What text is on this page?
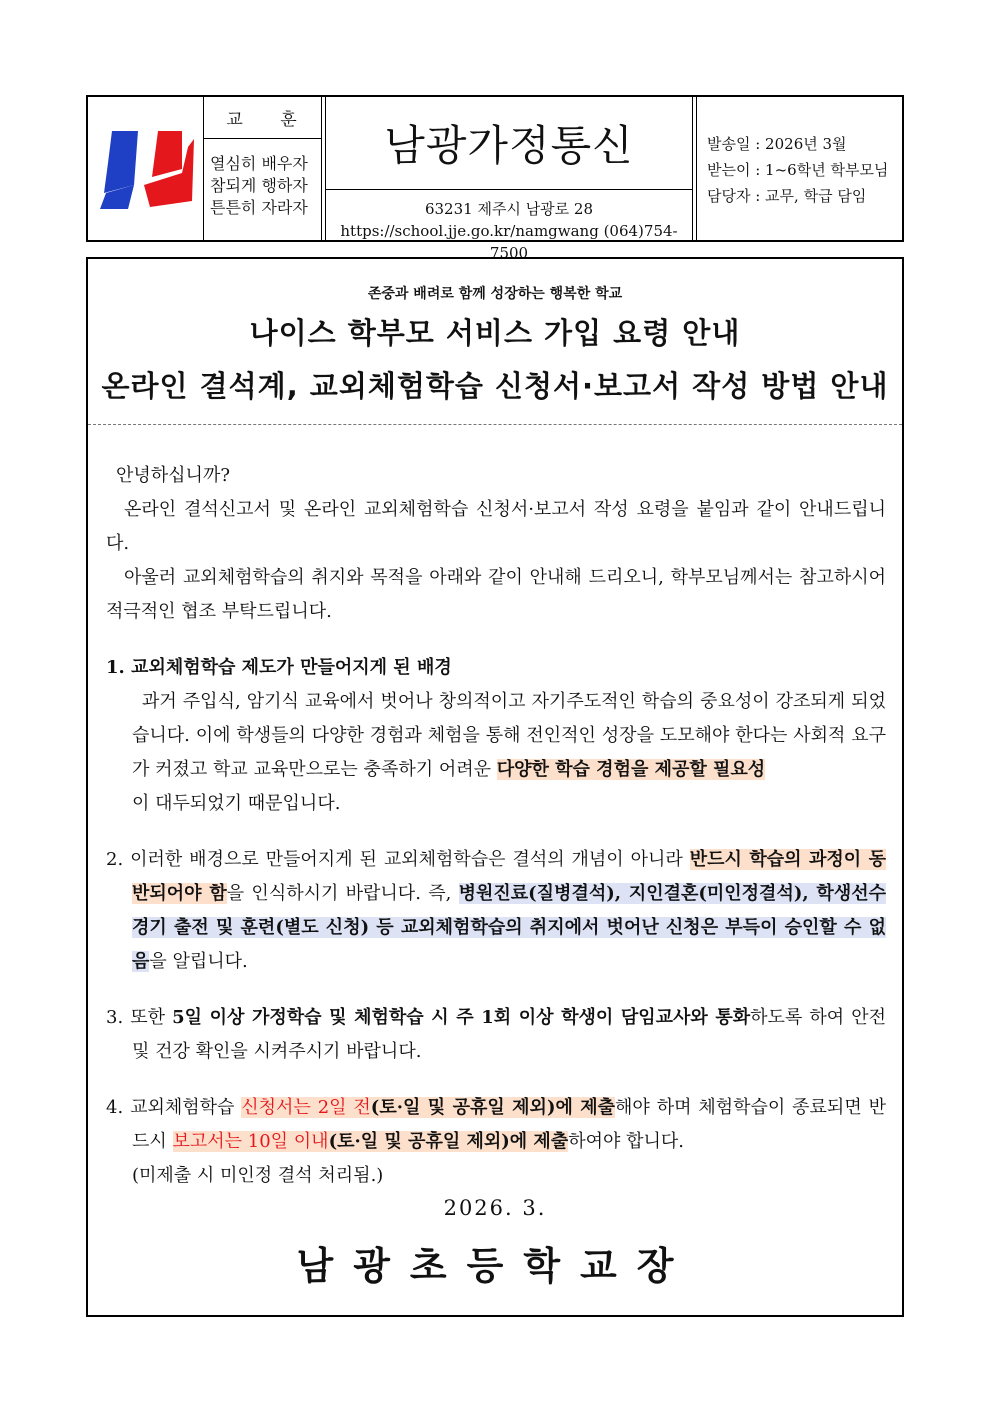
교 훈
열심히 배우자
참되게 행하자
튼튼히 자라자
남광가정통신
63231 제주시 남광로 28
https://school.jje.go.kr/namgwang (064)754-7500
발송일 : 2026년 3월
받는이 : 1~6학년 학부모님
담당자 : 교무, 학급 담임
존중과 배려로 함께 성장하는 행복한 학교
나이스 학부모 서비스 가입 요령 안내
온라인 결석계, 교외체험학습 신청서·보고서 작성 방법 안내
안녕하십니까?
온라인 결석신고서 및 온라인 교외체험학습 신청서·보고서 작성 요령을 붙임과 같이 안내드립니다.
아울러 교외체험학습의 취지와 목적을 아래와 같이 안내해 드리오니, 학부모님께서는 참고하시어 적극적인 협조 부탁드립니다.
1. 교외체험학습 제도가 만들어지게 된 배경
과거 주입식, 암기식 교육에서 벗어나 창의적이고 자기주도적인 학습의 중요성이 강조되게 되었습니다. 이에 학생들의 다양한 경험과 체험을 통해 전인적인 성장을 도모해야 한다는 사회적 요구가 커졌고 학교 교육만으로는 충족하기 어려운 다양한 학습 경험을 제공할 필요성
이 대두되었기 때문입니다.
2. 이러한 배경으로 만들어지게 된 교외체험학습은 결석의 개념이 아니라 반드시 학습의 과정이 동반되어야 함을 인식하시기 바랍니다. 즉, 병원진료(질병결석), 지인결혼(미인정결석), 학생선수 경기 출전 및 훈련(별도 신청) 등 교외체험학습의 취지에서 벗어난 신청은 부득이 승인할 수 없음을 알립니다.
3. 또한 5일 이상 가정학습 및 체험학습 시 주 1회 이상 학생이 담임교사와 통화하도록 하여 안전 및 건강 확인을 시켜주시기 바랍니다.
4. 교외체험학습 신청서는 2일 전(토·일 및 공휴일 제외)에 제출해야 하며 체험학습이 종료되면 반드시 보고서는 10일 이내(토·일 및 공휴일 제외)에 제출하여야 합니다.
(미제출 시 미인정 결석 처리됨.)
2026. 3.
남광초등학교장
